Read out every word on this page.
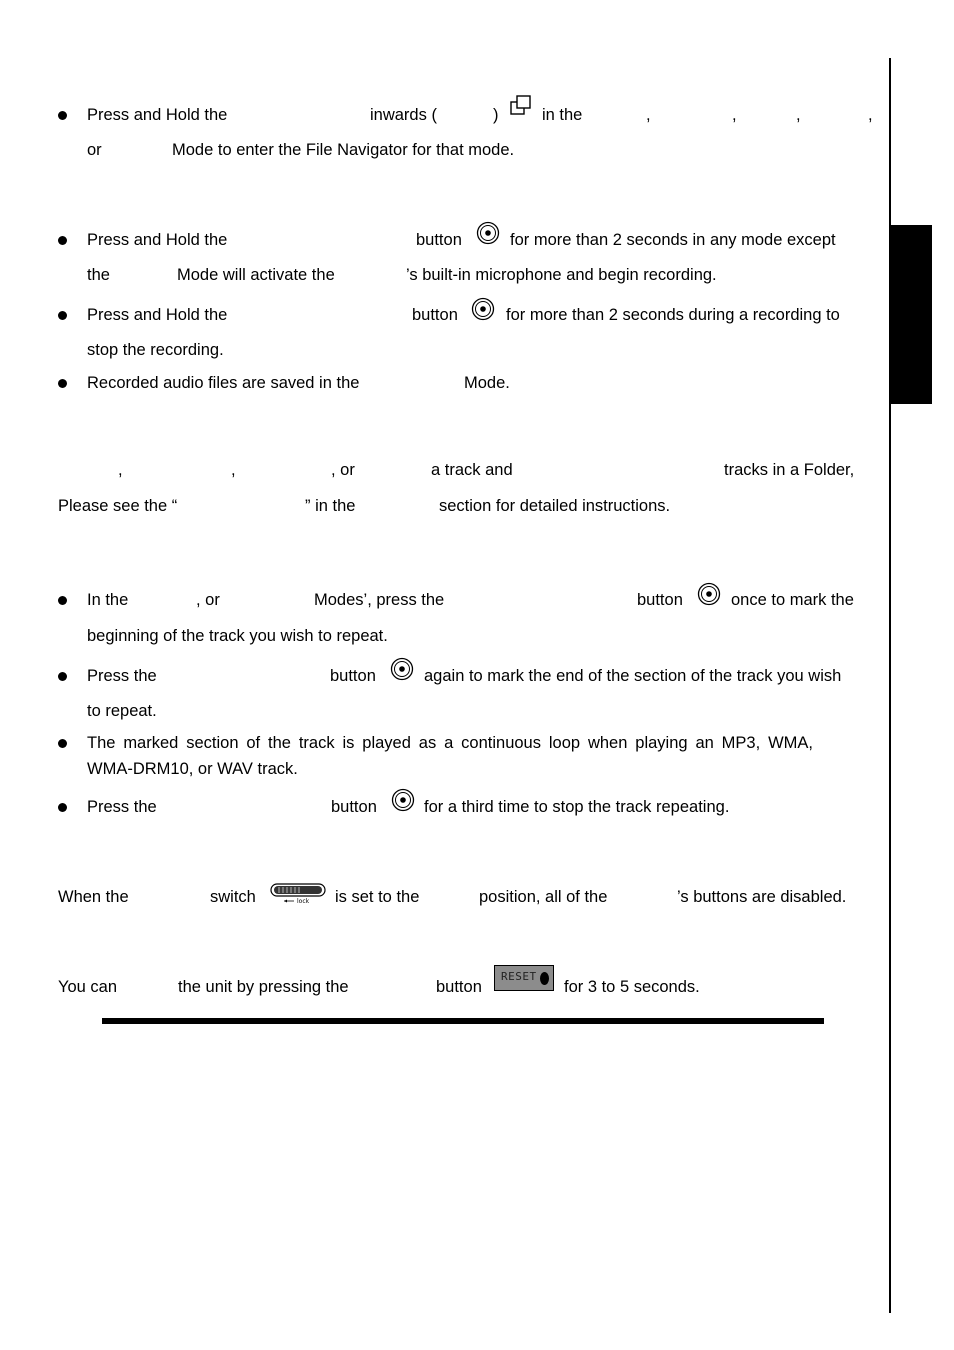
Press and Hold the	inwards (	)	in the	,	,	,	,
or	Mode to enter the File Navigator for that mode.
Press and Hold the	button	for more than 2 seconds in any mode except
the	Mode will activate the	’s built-in microphone and begin recording.
Press and Hold the	button	for more than 2 seconds during a recording to
stop the recording.
Recorded audio files are saved in the	Mode.
,	,	, or	a track and	tracks in a Folder,
Please see the “	” in the	section for detailed instructions.
In the	, or	Modes’, press the	button	once to mark the
beginning of the track you wish to repeat.
Press the	button	again to mark the end of the section of the track you wish
to repeat.
The marked section of the track is played as a continuous loop when playing an MP3, WMA,
WMA-DRM10, or WAV track.
Press the	button	for a third time to stop the track repeating.
When the	switch	lock is set to the	position, all of the	’s buttons are disabled.
You can	the unit by pressing the	button
RESET
for 3 to 5 seconds.
